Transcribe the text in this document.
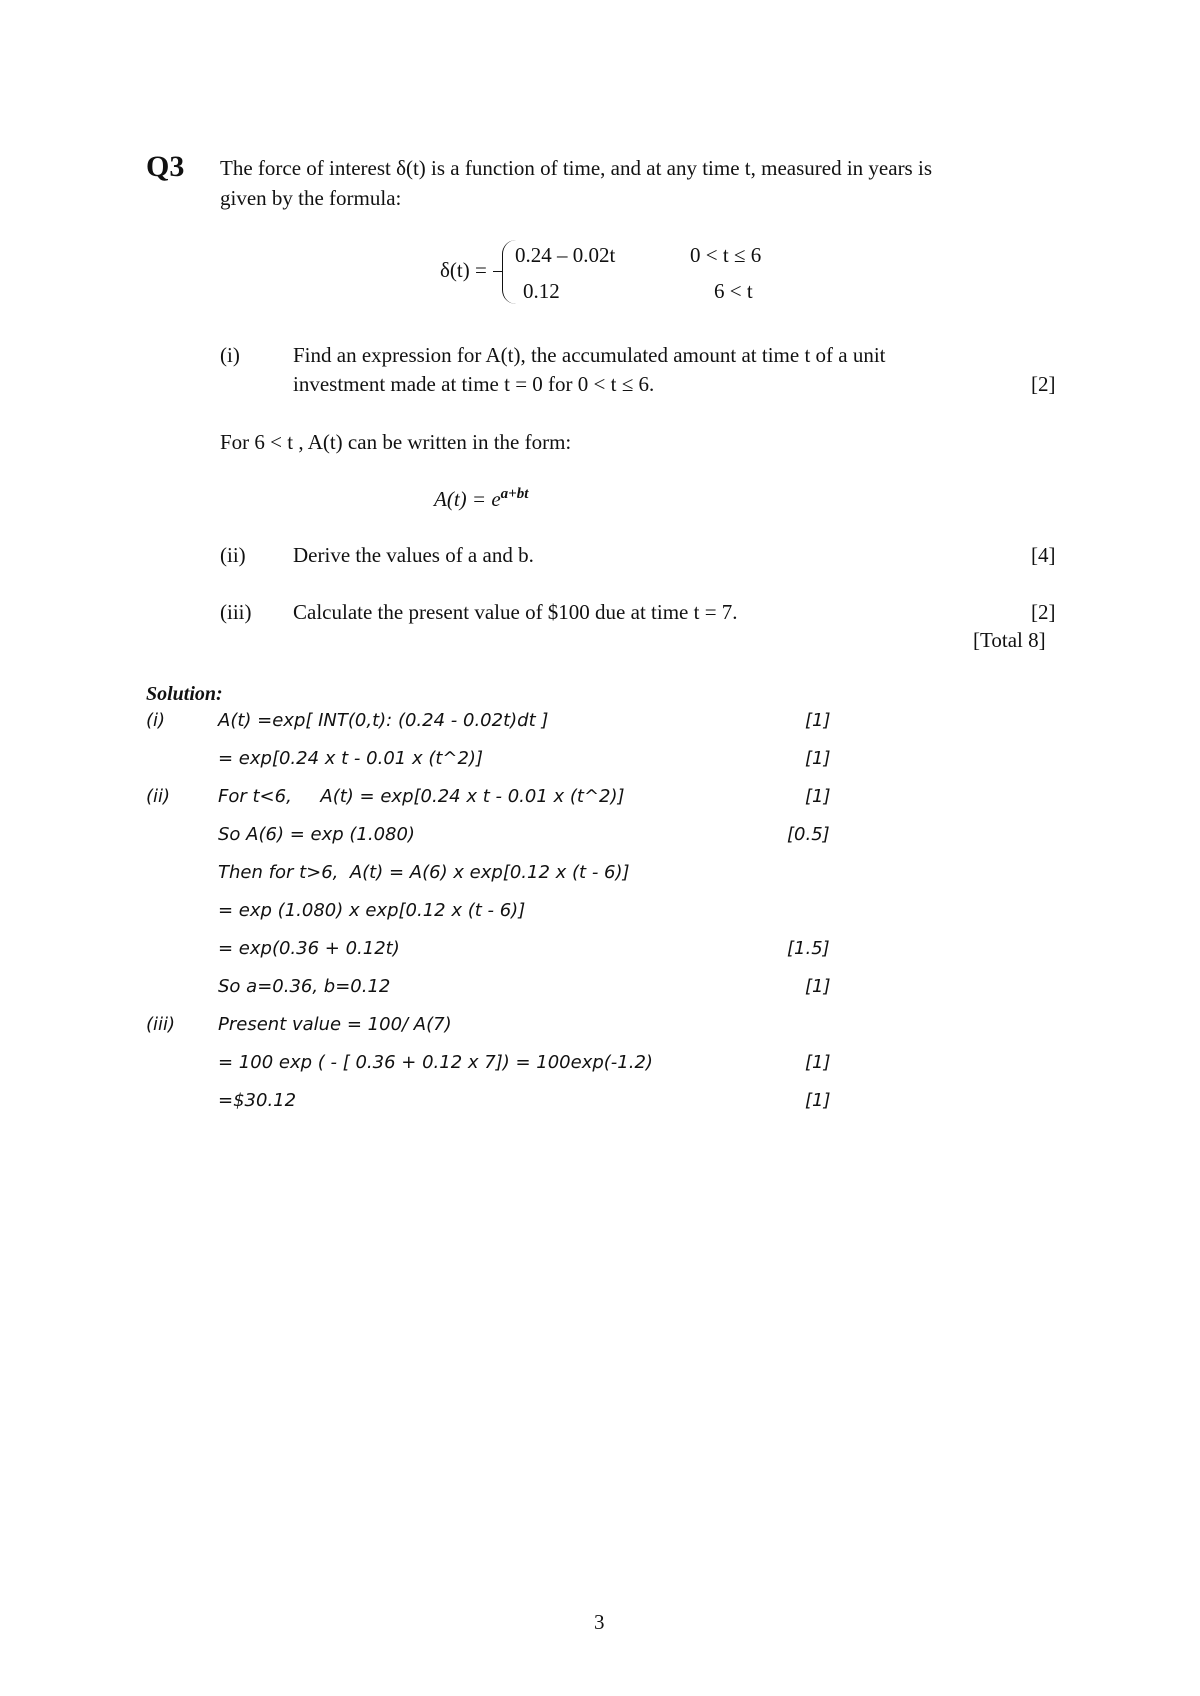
Q3 The force of interest δ(t) is a function of time, and at any time t, measured in years is
given by the formula:
δ(t) =
0.24 – 0.02t	0 < t ≤ 6
0.12	6 < t
(i)	Find an expression for A(t), the accumulated amount at time t of a unit
investment made at time t = 0 for 0 < t ≤ 6.	[2]
For 6 < t , A(t) can be written in the form:
$A(t) = e^{a+bt}$
(ii) Derive the values of a and b.	[4]
(iii) Calculate the present value of $100 due at time t = 7.	[2]
[Total 8]
Solution:
(i)	A(t) =exp[ INT(0,t): (0.24 - 0.02t)dt ]	[1]
= exp[0.24 x t - 0.01 x (t^2)]	[1]
(ii)	For t<6,     A(t) = exp[0.24 x t - 0.01 x (t^2)]	[1]
So A(6) = exp (1.080)	[0.5]
Then for t>6,  A(t) = A(6) x exp[0.12 x (t - 6)]
= exp (1.080) x exp[0.12 x (t - 6)]
= exp(0.36 + 0.12t)	[1.5]
So a=0.36, b=0.12	[1]
(iii) Present value = 100/ A(7)
= 100 exp ( - [ 0.36 + 0.12 x 7]) = 100exp(-1.2)	[1]
=$30.12	[1]
3
